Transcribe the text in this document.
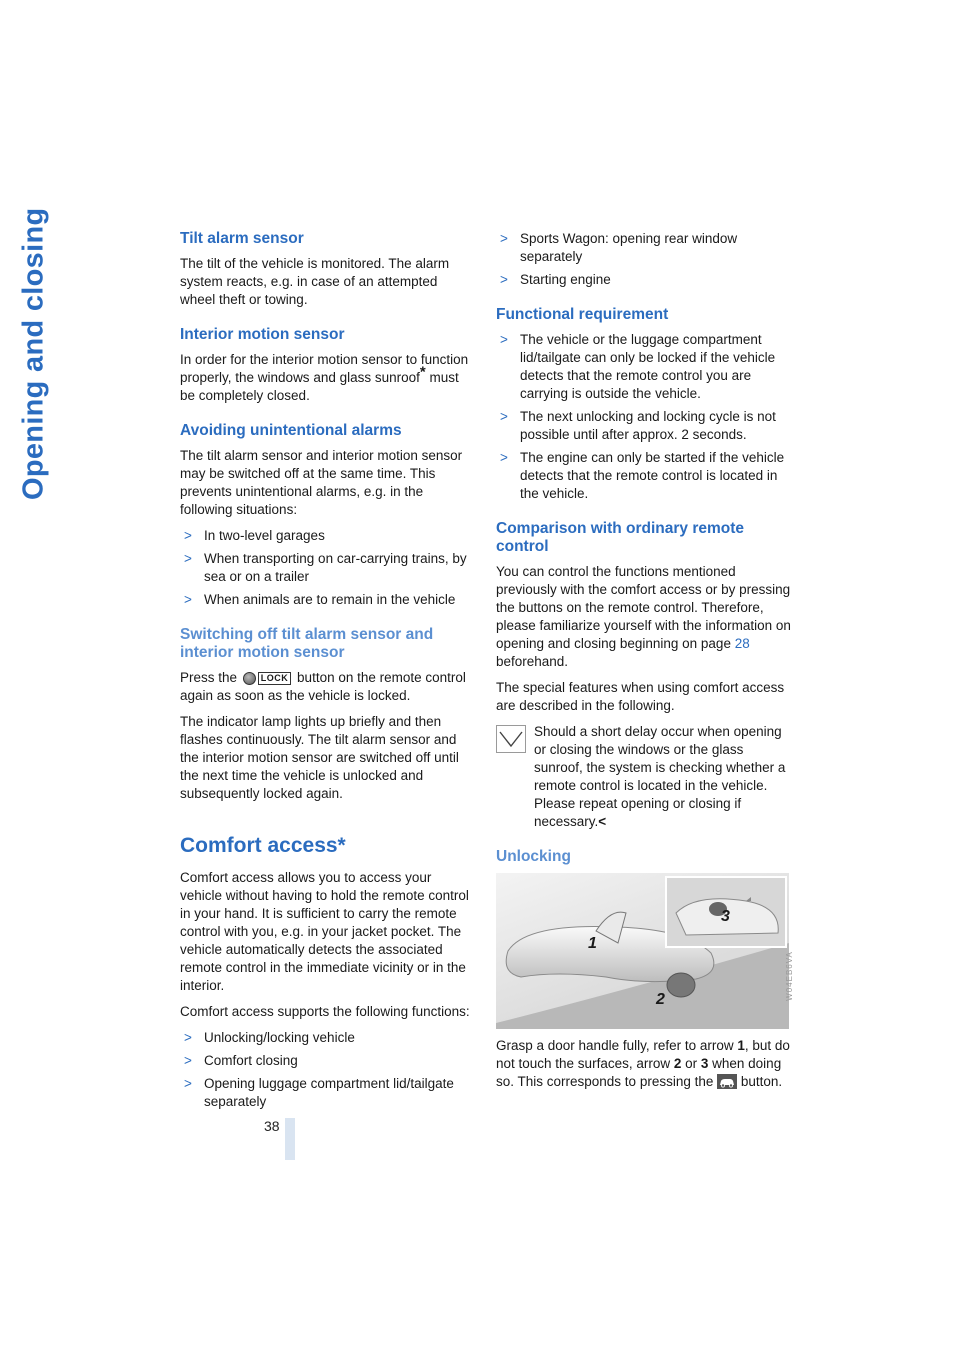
Opening and closing
38
Tilt alarm sensor

The tilt of the vehicle is monitored. The alarm system reacts, e.g. in case of an attempted wheel theft or towing.

Interior motion sensor

In order for the interior motion sensor to function properly, the windows and glass sunroof* must be completely closed.

Avoiding unintentional alarms

The tilt alarm sensor and interior motion sensor may be switched off at the same time. This prevents unintentional alarms, e.g. in the following situations:

> In two-level garages
> When transporting on car-carrying trains, by sea or on a trailer
> When animals are to remain in the vehicle
Switching off tilt alarm sensor and interior motion sensor

Press the	LOCK button on the remote control again as soon as the vehicle is locked.

The indicator lamp lights up briefly and then flashes continuously. The tilt alarm sensor and the interior motion sensor are switched off until the next time the vehicle is unlocked and subsequently locked again.

Comfort access*

Comfort access allows you to access your vehicle without having to hold the remote control in your hand. It is sufficient to carry the remote control with you, e.g. in your jacket pocket. The vehicle automatically detects the associated remote control in the immediate vicinity or in the interior.

Comfort access supports the following functions:

> Unlocking/locking vehicle
> Comfort closing
> Opening luggage compartment lid/tailgate separately
> Sports Wagon: opening rear window separately
> Starting engine
Functional requirement
> The vehicle or the luggage compartment lid/tailgate can only be locked if the vehicle detects that the remote control you are carrying is outside the vehicle.
> The next unlocking and locking cycle is not possible until after approx. 2 seconds.
> The engine can only be started if the vehicle detects that the remote control is located in the vehicle.
Comparison with ordinary remote control

You can control the functions mentioned previously with the comfort access or by pressing the buttons on the remote control. Therefore, please familiarize yourself with the information on opening and closing beginning on page 28 beforehand.

The special features when using comfort access are described in the following.

Should a short delay occur when opening or closing the windows or the glass sunroof, the system is checking whether a remote control is located in the vehicle. Please repeat opening or closing if necessary.<
Unlocking
1
2
3
W04EB6VA

Grasp a door handle fully, refer to arrow 1, but do not touch the surfaces, arrow 2 or 3 when doing so. This corresponds to pressing the  button.
